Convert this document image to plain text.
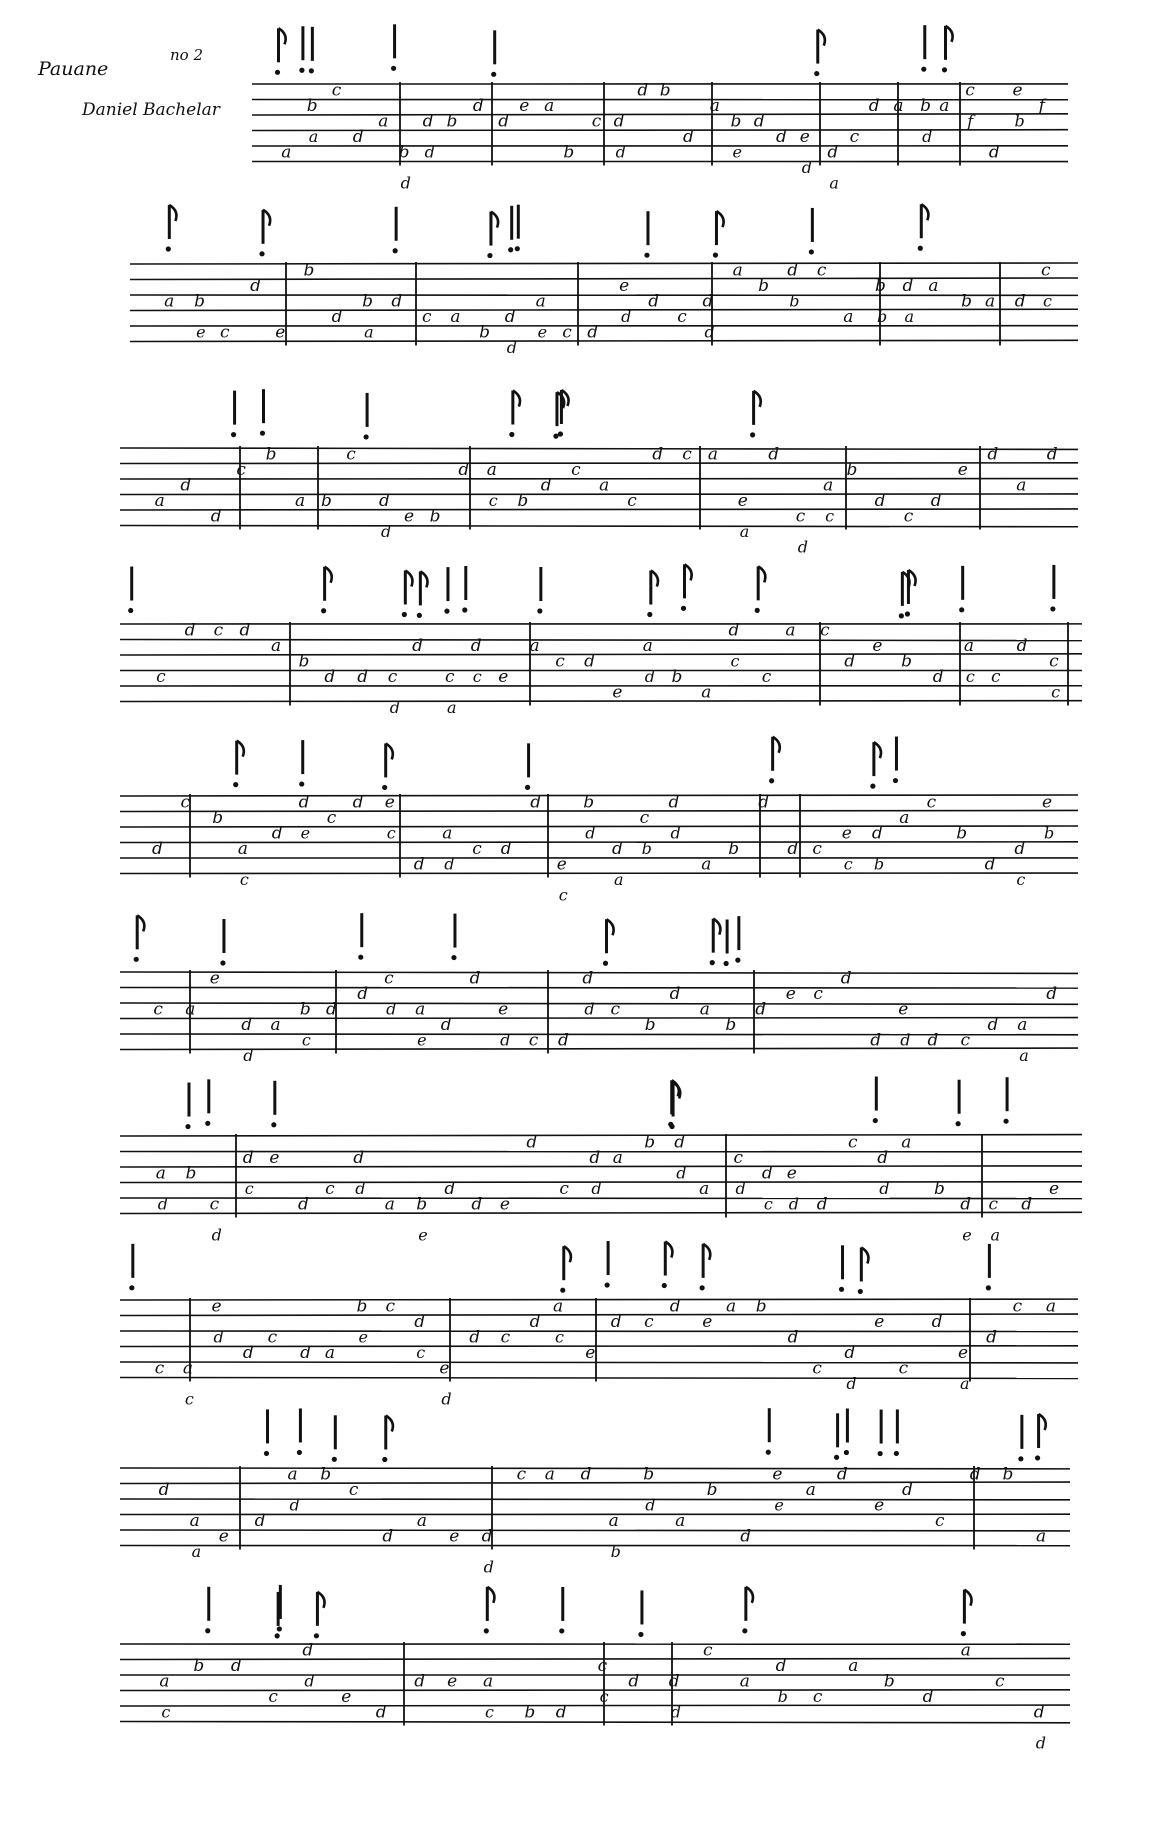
Pauane
no 2
Daniel Bachelar
a
b
a
c
d
a
b
d
d
d
b
d
d
e a
b
c d
d
d b
d
a
b
e
d
d e
d
d
a
c
d a b
d
a
c
f
d
e
b
f
a b
e c
d
e
b
d
b
a
d
c a
b
d
d
a
e c d
e
d
d
c
d
d
a
b
d
b
c
a
b
b
d
a
a
b a d
c
c
a
d
d
c
b
a b
c
d
d
e b
d a
c b
d
c
a
c
d c a
e
a
d
c
d
a
c
b
d
c
d
e
d
a
d
c
d c d
a
b
d d c
d
d
c
a
d
c e
a
c d
e
a
d b
a
d
c
c
a c
d
e
b
d
a
c c
d
c
c
d
c
b
a
c
d
d
e
c
d e
c
d
a
d
c d
d
e
c
b
d
d
a
c
b
d
d
a
b
d
d c
e
c
d
b
a
c
b
d
d
c
e
b
c a
e
d
d
a
b
c
d
d
c
d a
e
d
d
e
d c d
d
d c
b
d
a
b
d
e c
d
d
e
d d c
d a
a
d
a
d
b
c
d
d
c
e
d
c
d
d
a b
e
d
d e
d
c
d
d
a
b d
d
a
c
d
d
c
e
d d
c
d
d
a
b
d
e
c
a
d
e
c a
c
e
d
d
c
d a
b
e
c
d
c
e
d
d c
d
a
c
e
d c
d
e
a b
d
c
d
d
e
c
d
e
a
d
c a
d
a
a
e
d
a
d
b
c
d
a
e d
d
c a d
a
b
b
d
a
b
d
e
e
a
d
e
d
c
d b
a
a
c
b d
c
d
d
e
d
d e a
c b d
c
c
d d
d
c
a
d
b c
a
b
d
a
c
d
d
